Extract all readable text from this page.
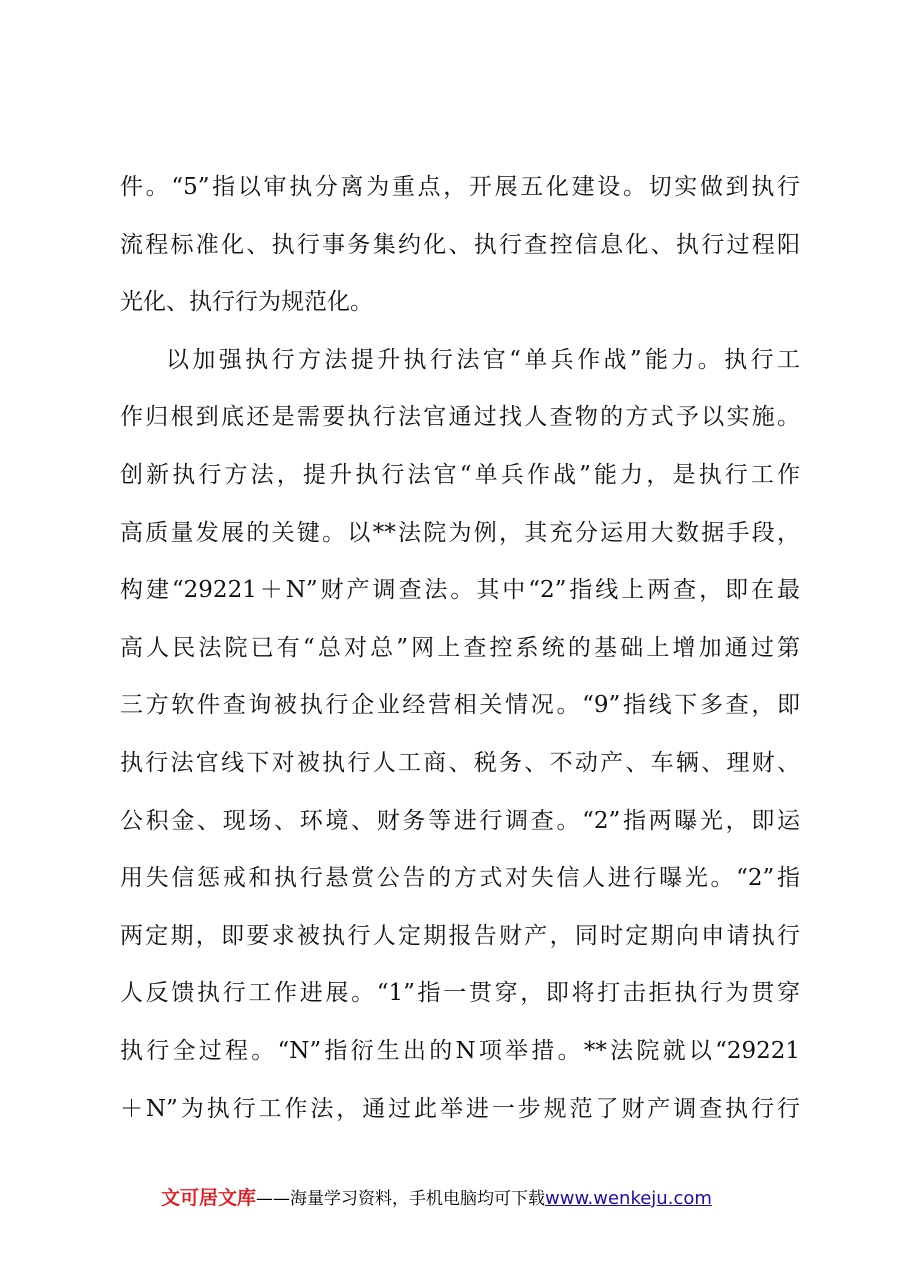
件。“5”指以审执分离为重点，开展五化建设。切实做到执行
流程标准化、执行事务集约化、执行查控信息化、执行过程阳
光化、执行行为规范化。
以加强执行方法提升执行法官“单兵作战”能力。执行工
作归根到底还是需要执行法官通过找人查物的方式予以实施。
创新执行方法，提升执行法官“单兵作战”能力，是执行工作
高质量发展的关键。以**法院为例，其充分运用大数据手段，
构建“29221＋N”财产调查法。其中“2”指线上两查，即在最
高人民法院已有“总对总”网上查控系统的基础上增加通过第
三方软件查询被执行企业经营相关情况。“9”指线下多查，即
执行法官线下对被执行人工商、税务、不动产、车辆、理财、
公积金、现场、环境、财务等进行调查。“2”指两曝光，即运
用失信惩戒和执行悬赏公告的方式对失信人进行曝光。“2”指
两定期，即要求被执行人定期报告财产，同时定期向申请执行
人反馈执行工作进展。“1”指一贯穿，即将打击拒执行为贯穿
执行全过程。“N”指衍生出的N项举措。**法院就以“29221
＋N”为执行工作法，通过此举进一步规范了财产调查执行行
文可居文库——海量学习资料，手机电脑均可下载www.wenkeju.com
